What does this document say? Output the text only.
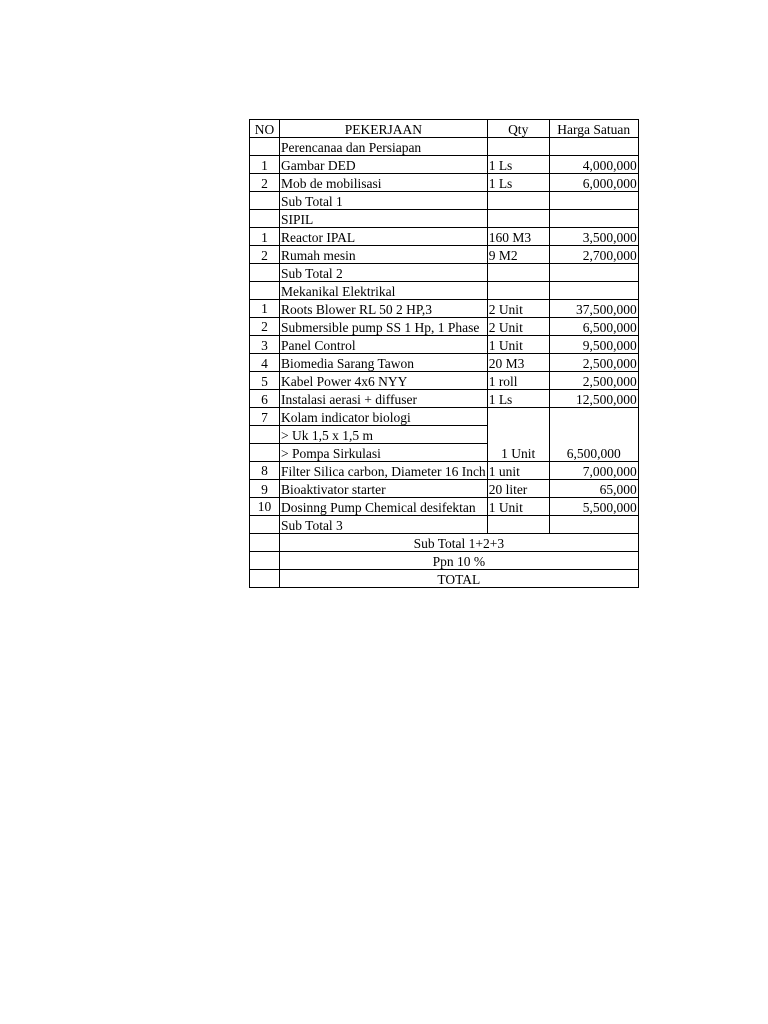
NO	PEKERJAAN	Qty	Harga Satuan
	Perencanaa dan Persiapan		
1	Gambar DED	1 Ls	4,000,000
2	Mob de mobilisasi	1 Ls	6,000,000
	Sub Total 1		
	SIPIL		
1	Reactor IPAL	160 M3	3,500,000
2	Rumah mesin	9 M2	2,700,000
	Sub Total 2		
	Mekanikal Elektrikal		
1	Roots Blower RL 50 2 HP,3	2 Unit	37,500,000
2	Submersible pump SS 1 Hp, 1 Phase	2 Unit	6,500,000
3	Panel Control	1 Unit	9,500,000
4	Biomedia Sarang Tawon	20 M3	2,500,000
5	Kabel Power 4x6 NYY	1 roll	2,500,000
6	Instalasi aerasi + diffuser	1 Ls	12,500,000
7	Kolam indicator biologi	1 Unit	6,500,000
	> Uk 1,5 x 1,5 m		
	> Pompa Sirkulasi		
8	Filter Silica carbon, Diameter 16 Inch	1 unit	7,000,000
9	Bioaktivator starter	20 liter	65,000
10	Dosinng Pump Chemical desifektan	1 Unit	5,500,000
	Sub Total 3		
	Sub Total 1+2+3		
	Ppn 10 %		
	TOTAL		
